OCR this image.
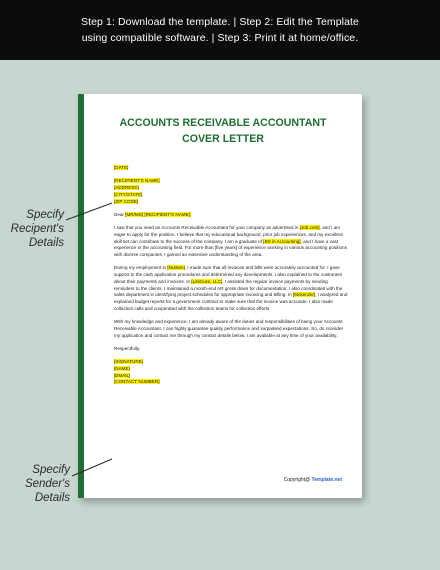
Step 1: Download the template. | Step 2: Edit the Template
using compatible software. | Step 3: Print it at home/office.
ACCOUNTS RECEIVABLE ACCOUNTANT
COVER LETTER

[DATE]

[RECIPIENT'S NAME]
[ADDRESS]
[CITY/STATE]
[ZIP CODE]

Dear [MR/MS] [RECIPIENT'S NAME],

I saw that you need an Accounts Receivable Accountant for your company as advertised in [Job.com], and I am eager to apply for the position. I believe that my educational background, prior job experiences, and my excellent skill set can contribute to the success of the company. I am a graduate of [BS in Accounting], and I have a vast experience in the accounting field. For more than [five years] of experience working in various accounting positions with diverse companies, I gained an extensive understanding of the area.

During my employment in [Nutrien], I made sure that all invoices and bills were accurately accounted for. I gave support to the cash application procedures and determined any developments. I also explained to the customers about their payments and invoices. In [LiteCure, LLC], I assisted the regular invoice payments by sending reminders to the clients. I maintained a month-end AR gross down for documentation. I also coordinated with the sales department in identifying project schedules for appropriate invoicing and billing. In [Mckenzie], I analyzed and explained budget reports for a government contract to make sure that the invoice was accurate. I also made collection calls and cooperated with the collection teams for collection efforts.

With my knowledge and experience, I am already aware of the duties and responsibilities of being your Accounts Receivable Accountant. I can highly guarantee quality performance and surpassed expectations. So, do consider my application and contact me through my contact details below. I am available at any time of your availability.

Respectfully,

[SIGNATURE]
[NAME]
[EMAIL]
[CONTACT NUMBER]

Copyright@ Template.net
Specify
Recipent's
Details
Specify
Sender's
Details
